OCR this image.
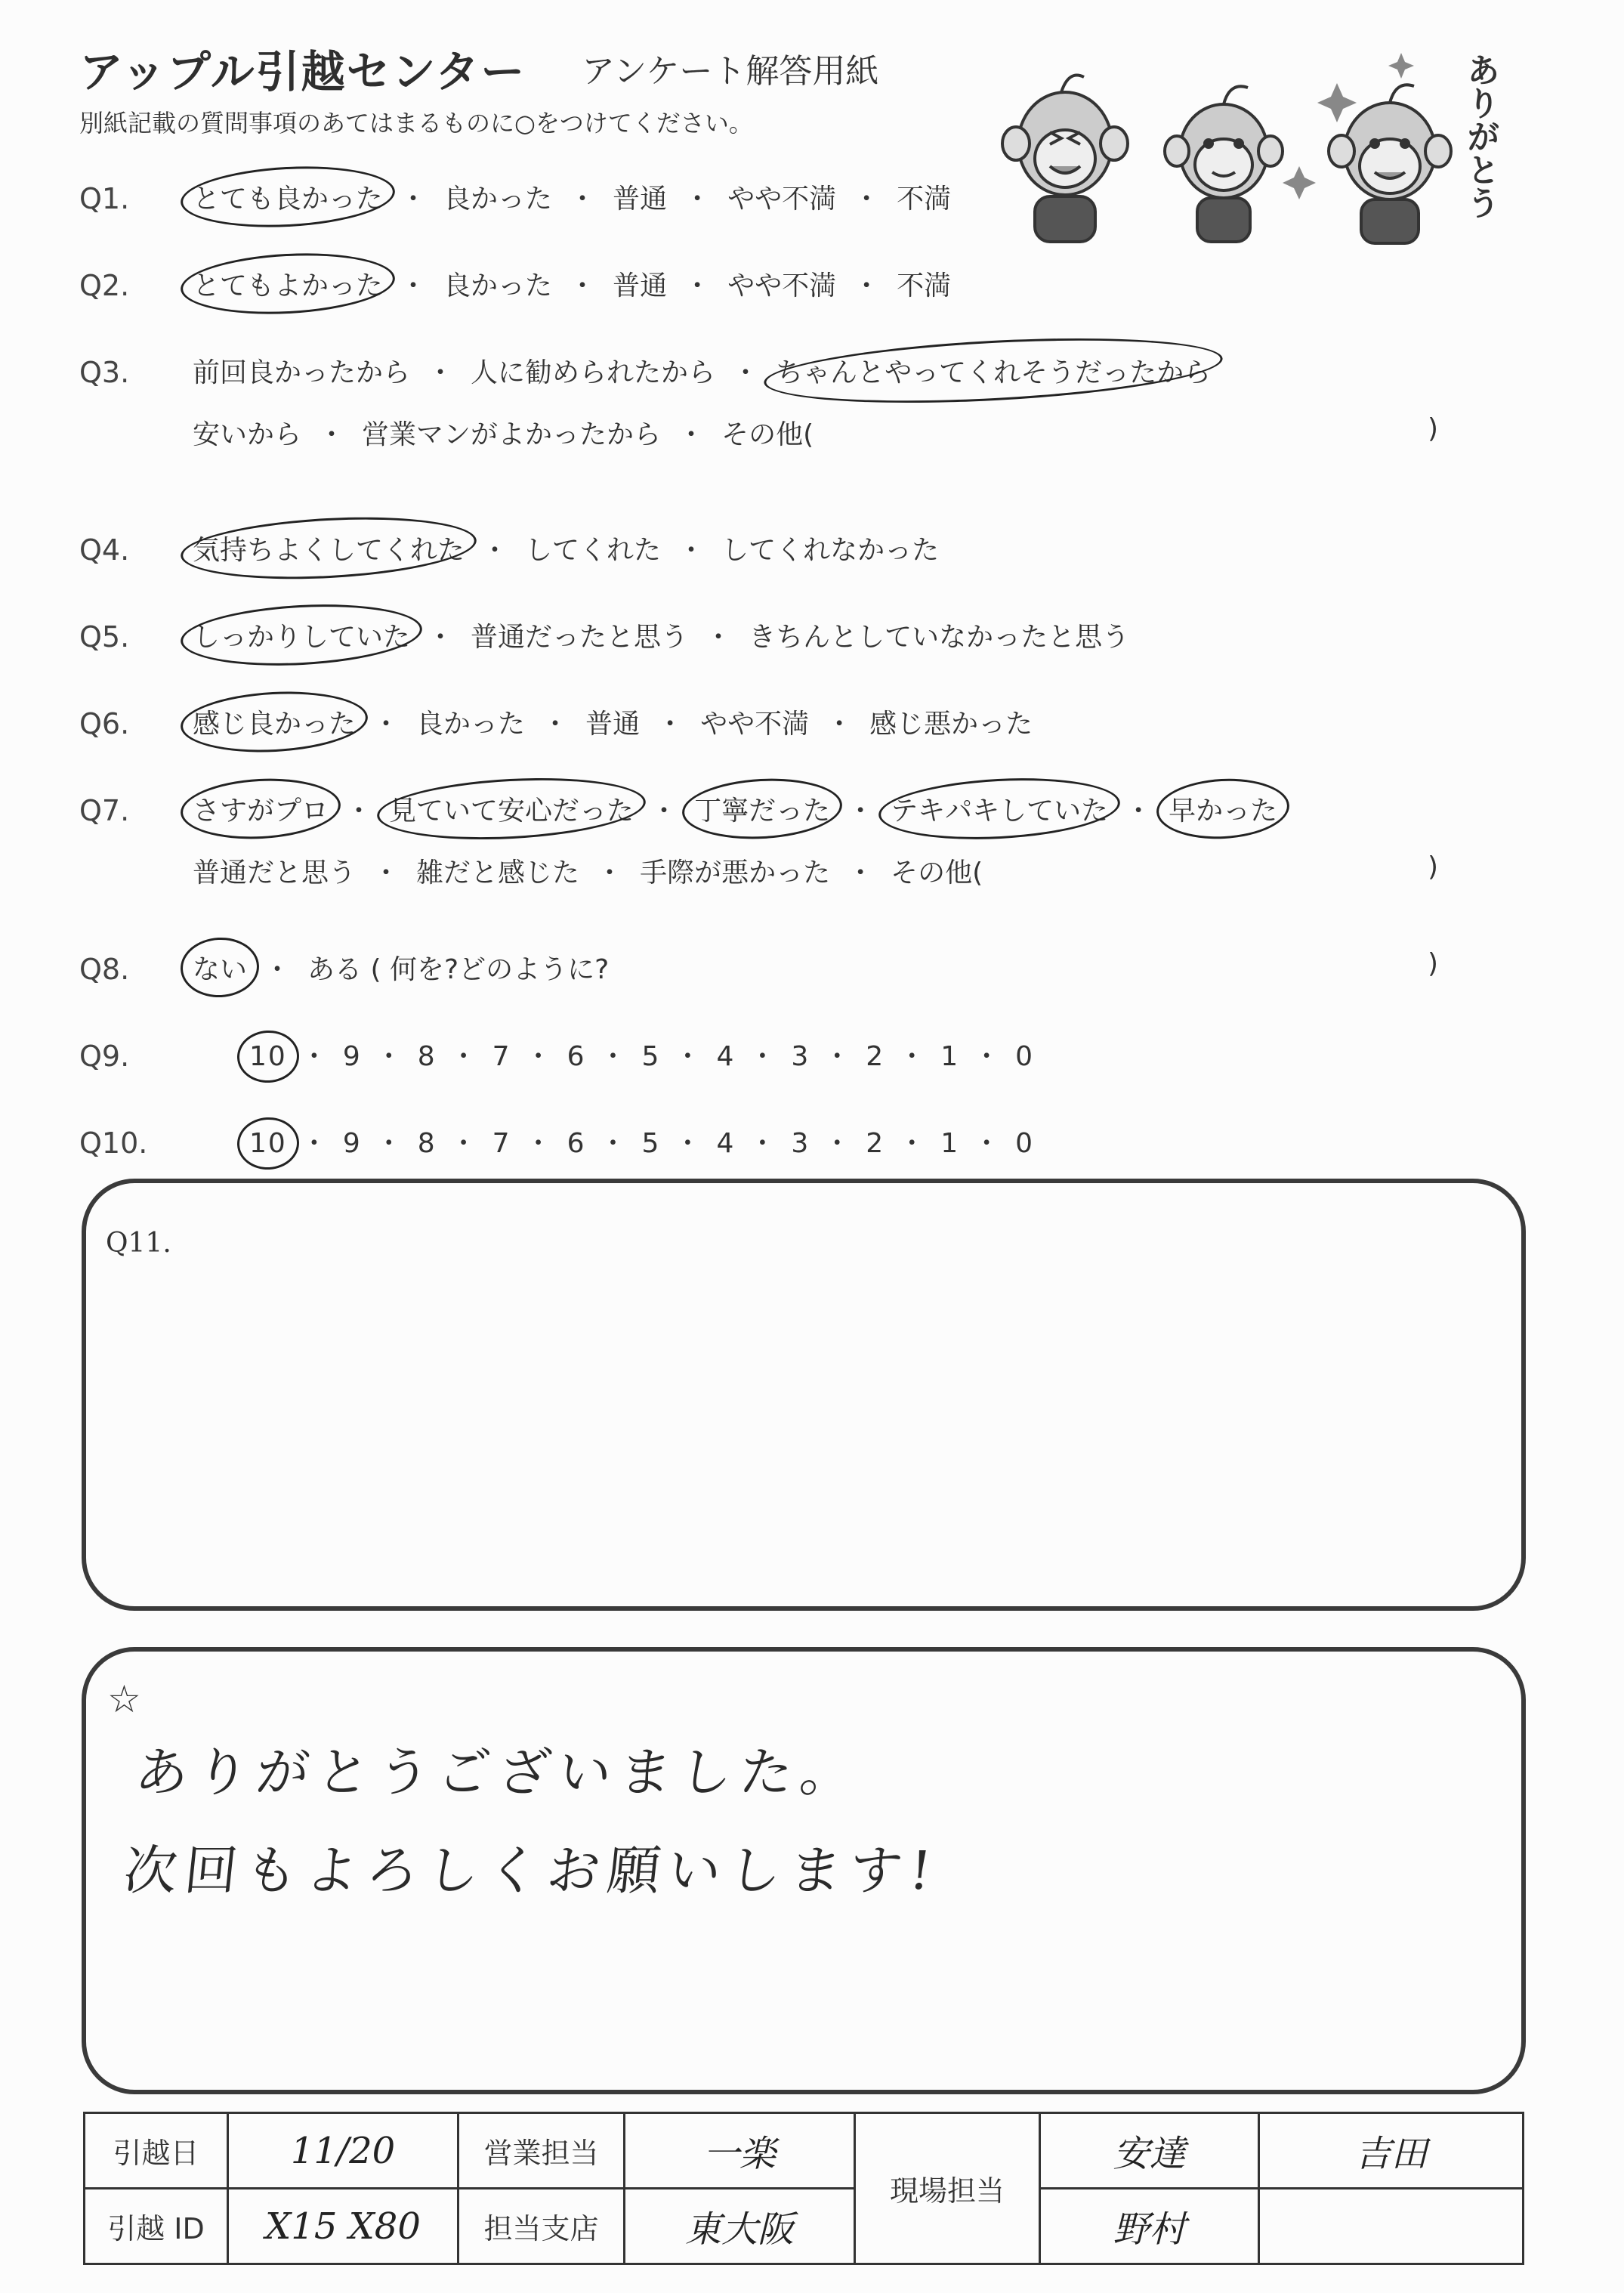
アップル引越センター アンケート解答用紙
別紙記載の質問事項のあてはまるものに○をつけてください。	ありがとう
Q1. とても良かった ・ 良かった ・ 普通 ・ やや不満 ・ 不満
Q2. とてもよかった ・ 良かった ・ 普通 ・ やや不満 ・ 不満
Q3. 前回良かったから ・ 人に勧められたから ・ ちゃんとやってくれそうだったから
安いから ・ 営業マンがよかったから ・ その他(	)
Q4. 気持ちよくしてくれた ・ してくれた ・ してくれなかった
Q5. しっかりしていた ・ 普通だったと思う ・ きちんとしていなかったと思う
Q6. 感じ良かった ・ 良かった ・ 普通 ・ やや不満 ・ 感じ悪かった
Q7. さすがプロ ・ 見ていて安心だった ・ 丁寧だった ・ テキパキしていた ・ 早かった
普通だと思う ・ 雑だと感じた ・ 手際が悪かった ・ その他(	)
Q8. ない ・ ある ( 何を?どのように?	)
Q9.	10 ・ 9 ・ 8 ・ 7 ・ 6 ・ 5 ・ 4 ・ 3 ・ 2 ・ 1 ・ 0
Q10.	10 ・ 9 ・ 8 ・ 7 ・ 6 ・ 5 ・ 4 ・ 3 ・ 2 ・ 1 ・ 0
Q11.
☆
ありがとうございました。
次回もよろしくお願いします!
引越日	11/20	営業担当	一楽	現場担当	安達	吉田
引越 ID	X15 X80	担当支店	東大阪		野村	
